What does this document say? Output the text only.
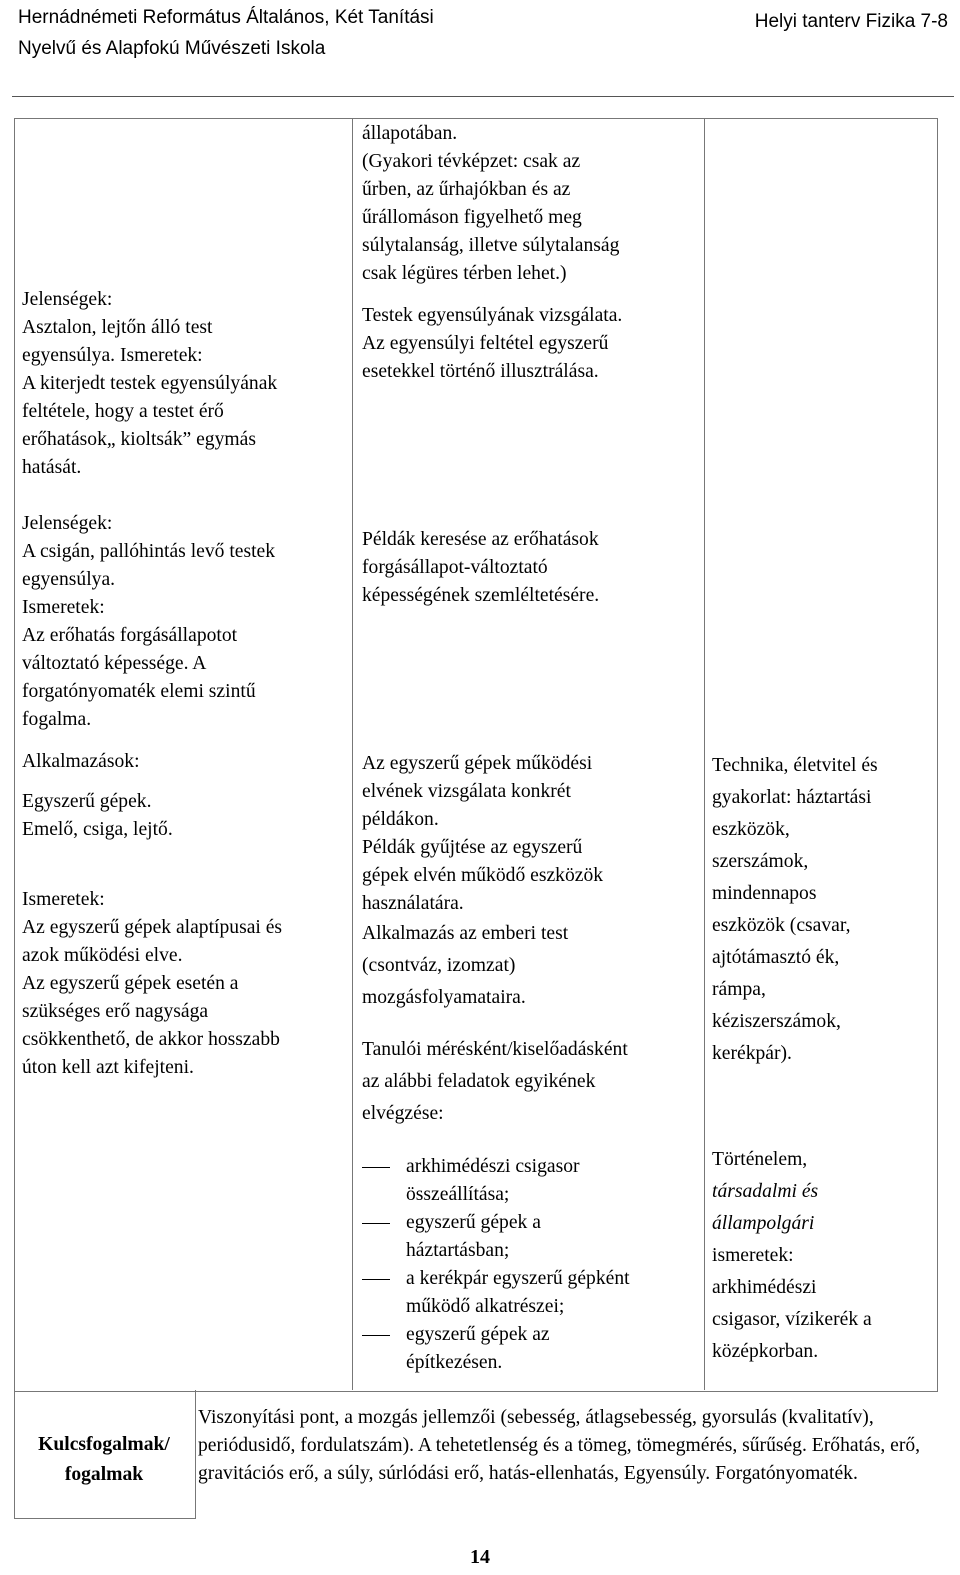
Hernádnémeti Református Általános, Két Tanítási
Nyelvű és Alapfokú Művészeti Iskola
Helyi tanterv Fizika 7-8

Jelenségek:

Asztalon, lejtőn álló test

egyensúlya. Ismeretek:

A kiterjedt testek egyensúlyának

feltétele, hogy a testet érő

erőhatások„ kioltsák” egymás

hatását.

Jelenségek:

A csigán, pallóhintás levő testek

egyensúlya.

Ismeretek:

Az erőhatás forgásállapotot

változtató képessége. A

forgatónyomaték elemi szintű

fogalma.

Alkalmazások:

Egyszerű gépek.

Emelő, csiga, lejtő.

Ismeretek:

Az egyszerű gépek alaptípusai és

azok működési elve.

Az egyszerű gépek esetén a

szükséges erő nagysága

csökkenthető, de akkor hosszabb

úton kell azt kifejteni.

állapotában.

(Gyakori tévképzet: csak az

űrben, az űrhajókban és az

űrállomáson figyelhető meg

súlytalanság, illetve súlytalanság

csak légüres térben lehet.)

Testek egyensúlyának vizsgálata.

Az egyensúlyi feltétel egyszerű

esetekkel történő illusztrálása.

Példák keresése az erőhatások

forgásállapot-változtató

képességének szemléltetésére.

Az egyszerű gépek működési

elvének vizsgálata konkrét

példákon.

Példák gyűjtése az egyszerű

gépek elvén működő eszközök

használatára.

Alkalmazás az emberi test

(csontváz, izomzat)

mozgásfolyamataira.

Tanulói mérésként/kiselőadásként

az alábbi feladatok egyikének

elvégzése:

arkhimédészi csigasor

összeállítása;

egyszerű gépek a

háztartásban;

a kerékpár egyszerű gépként

működő alkatrészei;

egyszerű gépek az

építkezésen.

Technika, életvitel és

gyakorlat: háztartási

eszközök,

szerszámok,

mindennapos

eszközök (csavar,

ajtótámasztó ék,

rámpa,

kéziszerszámok,

kerékpár).

Történelem,

társadalmi és

állampolgári

ismeretek:

arkhimédészi

csigasor, vízikerék a

középkorban.

Kulcsfogalmak/
fogalmak
Viszonyítási pont, a mozgás jellemzői (sebesség, átlagsebesség, gyorsulás (kvalitatív), periódusidő, fordulatszám). A tehetetlenség és a tömeg, tömegmérés, sűrűség. Erőhatás, erő, gravitációs erő, a súly, súrlódási erő, hatás-ellenhatás, Egyensúly. Forgatónyomaték.
14
